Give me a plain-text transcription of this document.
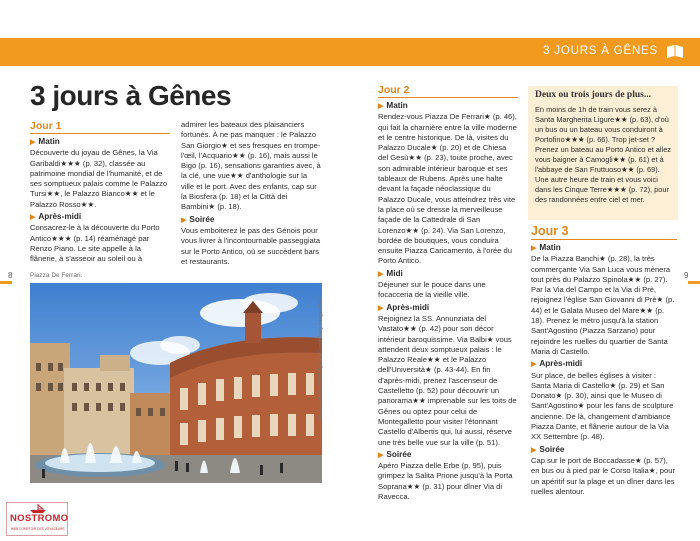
3 JOURS À GÊNES
3 jours à Gênes
Jour 1
▶ Matin

Découverte du joyau de Gênes, la Via Garibaldi★★★ (p. 32), classée au patrimoine mondial de l'humanité, et de ses somptueux palais comme le Palazzo Tursi★★, le Palazzo Bianco★★ et le Palazzo Rosso★★.

▶ Après-midi

Consacrez-le à la découverte du Porto Antico★★★ (p. 14) réaménagé par Renzo Piano. Le site appelle à la flânerie, à s'asseoir au soleil ou à

admirer les bateaux des plaisanciers fortunés. À ne pas manquer : le Palazzo San Giorgio★ et ses fresques en trompe-l'œil, l'Acquario★★ (p. 16), mais aussi le Bigo (p. 16), sensations garanties avec, à la clé, une vue★★ d'anthologie sur la ville et le port. Avec des enfants, cap sur la Biosfera (p. 18) et la Città dei Bambini★ (p. 18).

▶ Soirée

Vous emboiterez le pas des Génois pour vous livrer à l'incontournable passeggiata sur le Porto Antico, où se succèdent bars et restaurants.

8	Piazza De Ferrari.
Maurizio Rellini/SIME/Sylvain-Gresti/Getty Images/Pool
Jour 2
▶ Matin

Rendez-vous Piazza De Ferrari★ (p. 46), qui fait la charnière entre la ville moderne et le centre historique. De là, visites du Palazzo Ducale★ (p. 20) et de Chiesa del Gesù★★ (p. 23), toute proche, avec son admirable intérieur baroque et ses tableaux de Rubens. Après une halte devant la façade néoclassique du Palazzo Ducale, vous atteindrez très vite la place où se dresse la merveilleuse façade de la Cattedrale di San Lorenzo★★ (p. 24). Via San Lorenzo, bordée de boutiques, vous conduira ensuite Piazza Caricamento, à l'orée du Porto Antico.

▶ Midi

Déjeuner sur le pouce dans une focacceria de la vieille ville.

▶ Après-midi

Rejoignez la SS. Annunziata del Vastato★★ (p. 42) pour son décor intérieur baroquissime. Via Balbi★ vous attendent deux somptueux palais : le Palazzo Reale★★ et le Palazzo dell'Università★ (p. 43-44). En fin d'après-midi, prenez l'ascenseur de Castelletto (p. 52) pour découvrir un panorama★★ imprenable sur les toits de Gênes ou optez pour celui de Montegalletto pour visiter l'étonnant Castello d'Albertis qui, lui aussi, réserve une très belle vue sur la ville (p. 51).

▶ Soirée

Apéro Piazza delle Erbe (p. 95), puis grimpez la Salita Prione jusqu'à la Porta Soprana★★ (p. 31) pour dîner Via di Ravecca.

Deux ou trois jours de plus...
En moins de 1h de train vous serez à Santa Margherita Ligure★★ (p. 63), d'où un bus ou un bateau vous conduiront à Portofino★★★ (p. 66). Trop jet-set ? Prenez un bateau au Porto Antico et allez vous baigner à Camogli★★ (p. 61) et à l'abbaye de San Fruttuoso★★ (p. 69). Une autre heure de train et vous voici dans les Cinque Terre★★★ (p. 72), pour des randonnées entre ciel et mer.
Jour 3
▶ Matin

De la Piazza Banchi★ (p. 28), la très commerçante Via San Luca vous mènera tout près du Palazzo Spinola★★ (p. 27). Par la Via del Campo et la Via di Prè, rejoignez l'église San Giovanni di Prè★ (p. 44) et le Galata Museo del Mare★★ (p. 18). Prenez le métro jusqu'à la station Sant'Agostino (Piazza Sarzano) pour rejoindre les ruelles du quartier de Santa Maria di Castello.

▶ Après-midi

Sur place, de belles églises à visiter : Santa Maria di Castello★ (p. 29) et San Donato★ (p. 30), ainsi que le Museo di Sant'Agostino★ pour les fans de sculpture ancienne. De là, changement d'ambiance Piazza Dante, et flânerie autour de la Via XX Settembre (p. 48).

▶ Soirée

Cap sur le port de Boccadasse★ (p. 57), en bus ou à pied par le Corso Italia★, pour un apéritif sur la plage et un dîner dans les ruelles alentour.

9
NOSTROMO
WEB COMPTOIR DES VOYAGEURS
